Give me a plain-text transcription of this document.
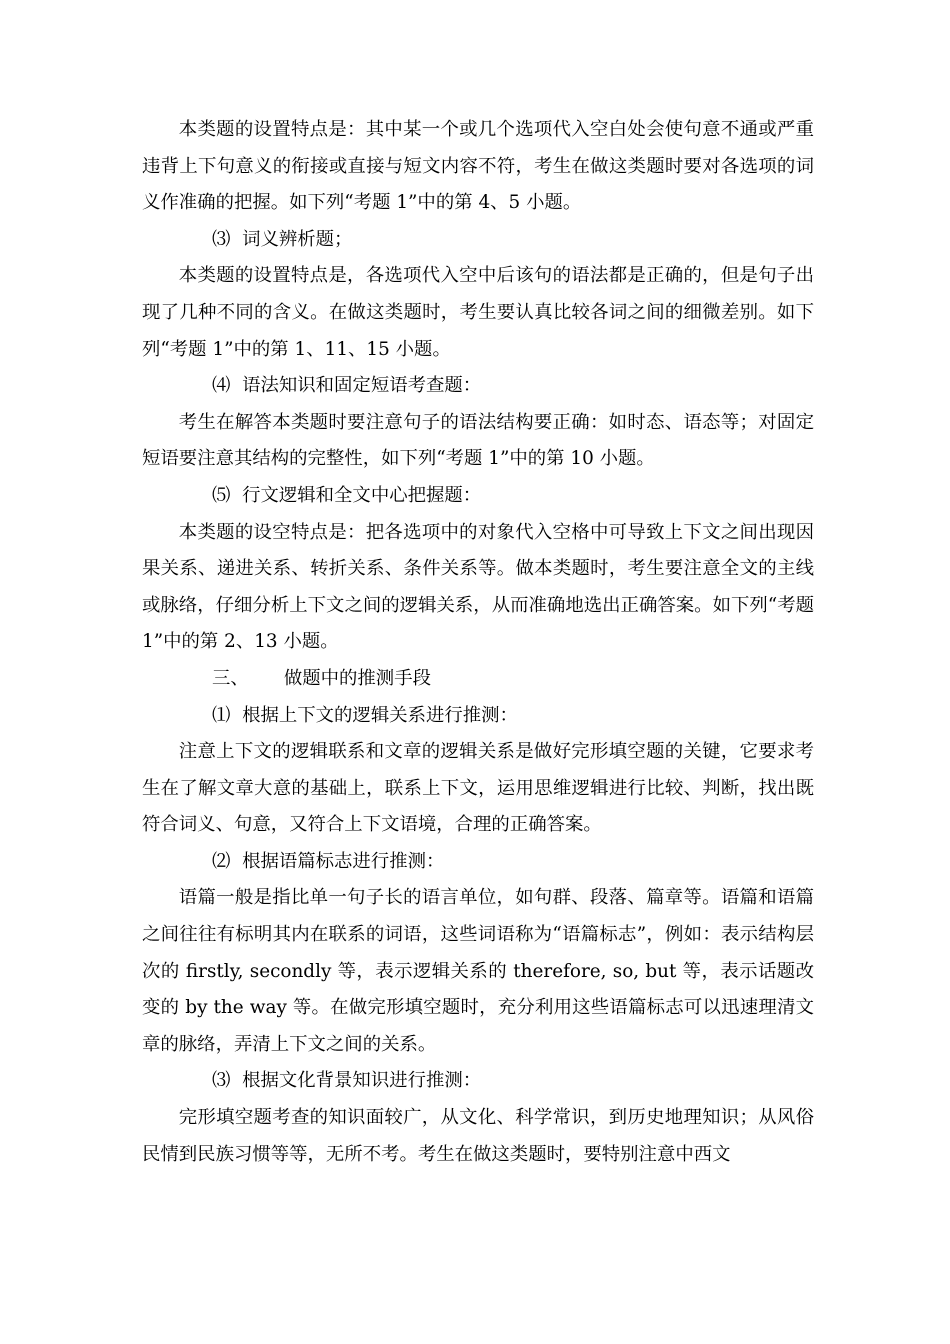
本类题的设置特点是：其中某一个或几个选项代入空白处会使句意不通或严重违背上下句意义的衔接或直接与短文内容不符，考生在做这类题时要对各选项的词义作准确的把握。如下列“考题 1”中的第 4、5 小题。

⑶  词义辨析题；

本类题的设置特点是，各选项代入空中后该句的语法都是正确的，但是句子出现了几种不同的含义。在做这类题时，考生要认真比较各词之间的细微差别。如下列“考题 1”中的第 1、11、15 小题。

⑷  语法知识和固定短语考查题：

考生在解答本类题时要注意句子的语法结构要正确：如时态、语态等；对固定短语要注意其结构的完整性，如下列“考题 1”中的第 10 小题。

⑸  行文逻辑和全文中心把握题：

本类题的设空特点是：把各选项中的对象代入空格中可导致上下文之间出现因果关系、递进关系、转折关系、条件关系等。做本类题时，考生要注意全文的主线或脉络，仔细分析上下文之间的逻辑关系，从而准确地选出正确答案。如下列“考题 1”中的第 2、13 小题。

三、      做题中的推测手段

⑴  根据上下文的逻辑关系进行推测：

注意上下文的逻辑联系和文章的逻辑关系是做好完形填空题的关键，它要求考生在了解文章大意的基础上，联系上下文，运用思维逻辑进行比较、判断，找出既符合词义、句意，又符合上下文语境，合理的正确答案。

⑵  根据语篇标志进行推测：

语篇一般是指比单一句子长的语言单位，如句群、段落、篇章等。语篇和语篇之间往往有标明其内在联系的词语，这些词语称为“语篇标志”，例如：表示结构层次的 firstly, secondly 等，表示逻辑关系的 therefore, so, but 等，表示话题改变的 by the way 等。在做完形填空题时，充分利用这些语篇标志可以迅速理清文章的脉络，弄清上下文之间的关系。

⑶  根据文化背景知识进行推测：

完形填空题考查的知识面较广，从文化、科学常识，到历史地理知识；从风俗民情到民族习惯等等，无所不考。考生在做这类题时，要特别注意中西文
